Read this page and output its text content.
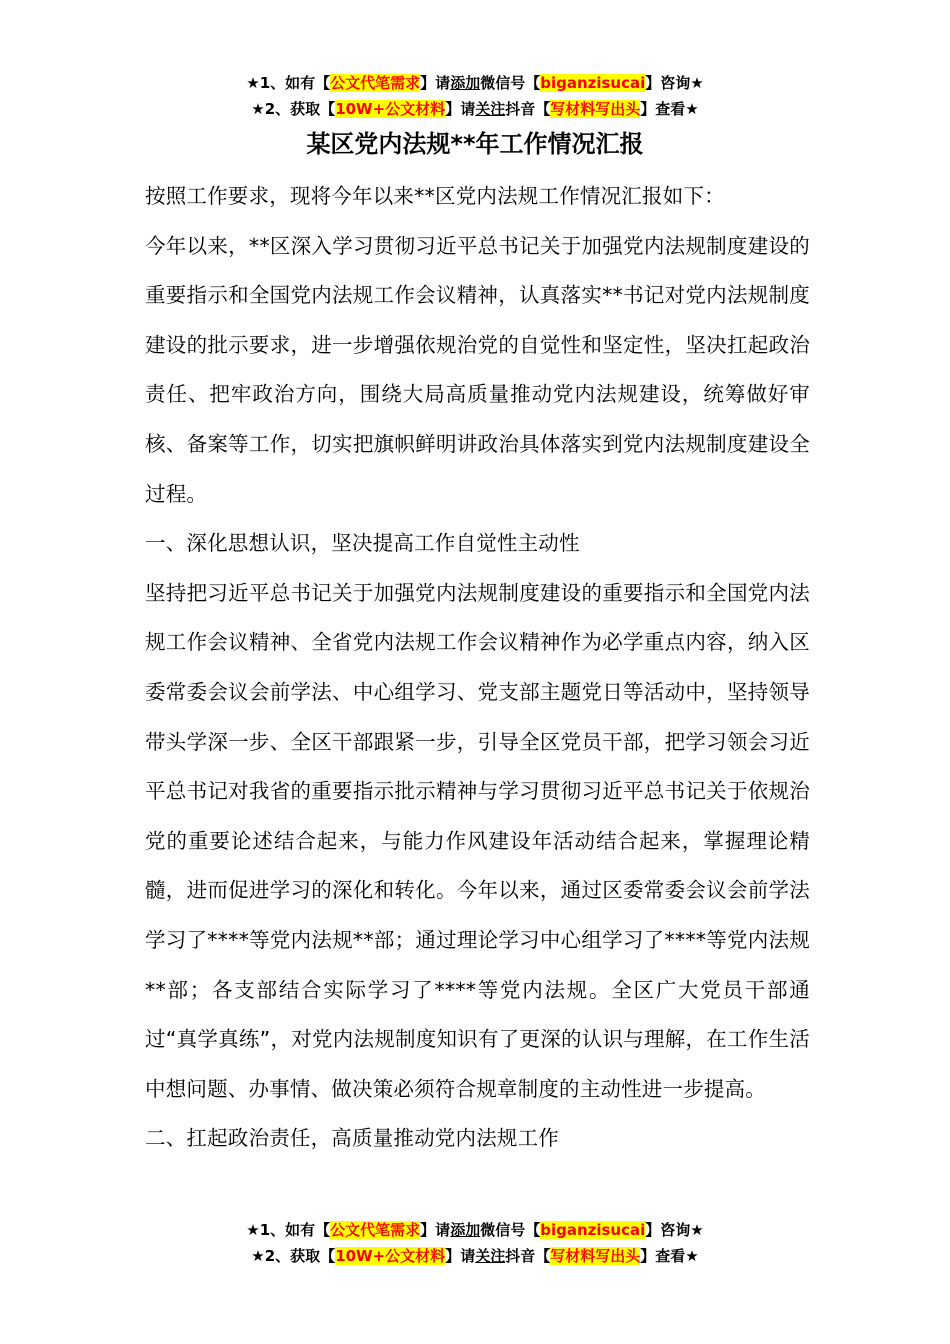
★1、如有【公文代笔需求】请添加微信号【biganzisucai】咨询★
★2、获取【10W+公文材料】请关注抖音【写材料写出头】查看★
某区党内法规**年工作情况汇报

按照工作要求，现将今年以来**区党内法规工作情况汇报如下：

今年以来，**区深入学习贯彻习近平总书记关于加强党内法规制度建设的重要指示和全国党内法规工作会议精神，认真落实**书记对党内法规制度建设的批示要求，进一步增强依规治党的自觉性和坚定性，坚决扛起政治责任、把牢政治方向，围绕大局高质量推动党内法规建设，统筹做好审核、备案等工作，切实把旗帜鲜明讲政治具体落实到党内法规制度建设全过程。

一、深化思想认识，坚决提高工作自觉性主动性

坚持把习近平总书记关于加强党内法规制度建设的重要指示和全国党内法规工作会议精神、全省党内法规工作会议精神作为必学重点内容，纳入区委常委会议会前学法、中心组学习、党支部主题党日等活动中，坚持领导带头学深一步、全区干部跟紧一步，引导全区党员干部，把学习领会习近平总书记对我省的重要指示批示精神与学习贯彻习近平总书记关于依规治党的重要论述结合起来，与能力作风建设年活动结合起来，掌握理论精髓，进而促进学习的深化和转化。今年以来，通过区委常委会议会前学法学习了****等党内法规**部；通过理论学习中心组学习了****等党内法规**部；各支部结合实际学习了****等党内法规。全区广大党员干部通过“真学真练”，对党内法规制度知识有了更深的认识与理解，在工作生活中想问题、办事情、做决策必须符合规章制度的主动性进一步提高。

二、扛起政治责任，高质量推动党内法规工作

★1、如有【公文代笔需求】请添加微信号【biganzisucai】咨询★
★2、获取【10W+公文材料】请关注抖音【写材料写出头】查看★
